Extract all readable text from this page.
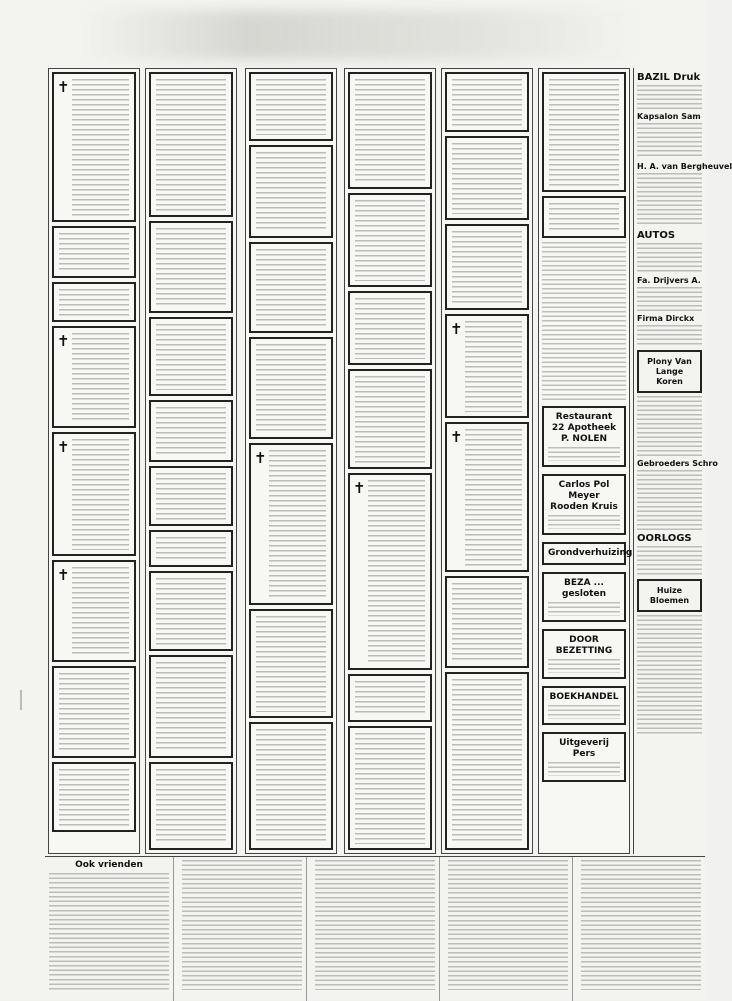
✝
✝
✝
✝
✝
✝
✝
✝
Restaurant 22 Apotheek P. NOLEN
Carlos Pol Meyer Rooden Kruis
Grondverhuizing
BEZA ... gesloten
DOOR BEZETTING
BOEKHANDEL
Uitgeverij Pers
BAZIL Druk
Kapsalon Sam
H. A. van Bergheuvel
AUTOS
Fa. Drijvers A.
Firma Dirckx
Plony Van Lange Koren
Gebroeders Schro
OORLOGS
Huize Bloemen
Ook vrienden
